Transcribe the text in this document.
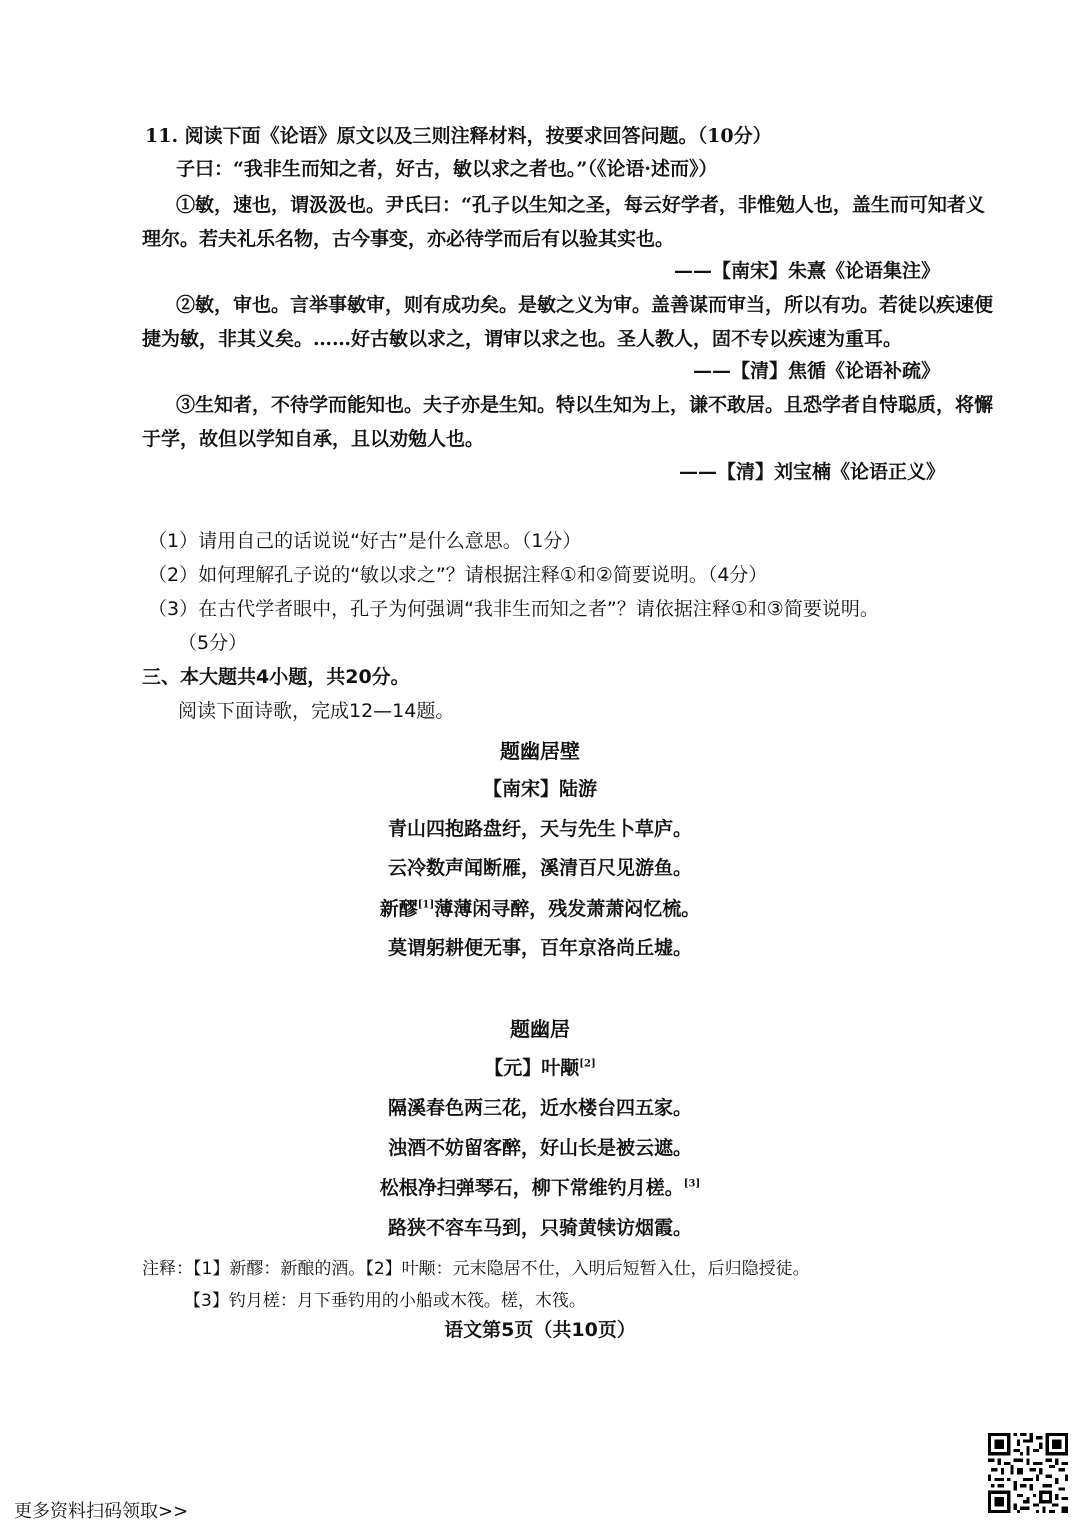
11. 阅读下面《论语》原文以及三则注释材料，按要求回答问题。（10分）
子曰：“我非生而知之者，好古，敏以求之者也。”（《论语·述而》）
①敏，速也，谓汲汲也。尹氏曰：“孔子以生知之圣，每云好学者，非惟勉人也，盖生而可知者义
理尔。若夫礼乐名物，古今事变，亦必待学而后有以验其实也。
——【南宋】朱熹《论语集注》
②敏，审也。言举事敏审，则有成功矣。是敏之义为审。盖善谋而审当，所以有功。若徒以疾速便
捷为敏，非其义矣。……好古敏以求之，谓审以求之也。圣人教人，固不专以疾速为重耳。
——【清】焦循《论语补疏》
③生知者，不待学而能知也。夫子亦是生知。特以生知为上，谦不敢居。且恐学者自恃聪质，将懈
于学，故但以学知自承，且以劝勉人也。
——【清】刘宝楠《论语正义》
（1）请用自己的话说说“好古”是什么意思。（1分）
（2）如何理解孔子说的“敏以求之”？请根据注释①和②简要说明。（4分）
（3）在古代学者眼中，孔子为何强调“我非生而知之者”？请依据注释①和③简要说明。
（5分）
三、本大题共4小题，共20分。
阅读下面诗歌，完成12—14题。
题幽居壁
【南宋】陆游
青山四抱路盘纡，天与先生卜草庐。
云冷数声闻断雁，溪清百尺见游鱼。
新醪[1]薄薄闲寻醉，残发萧萧闷忆梳。
莫谓躬耕便无事，百年京洛尚丘墟。
题幽居
【元】叶颙[2]
隔溪春色两三花，近水楼台四五家。
浊酒不妨留客醉，好山长是被云遮。
松根净扫弹琴石，柳下常维钓月槎。[3]
路狭不容车马到，只骑黄犊访烟霞。
注释：【1】新醪：新酿的酒。【2】叶颙：元末隐居不仕，入明后短暂入仕，后归隐授徒。
【3】钓月槎：月下垂钓用的小船或木筏。槎，木筏。
语文第5页（共10页）
更多资料扫码领取>>
